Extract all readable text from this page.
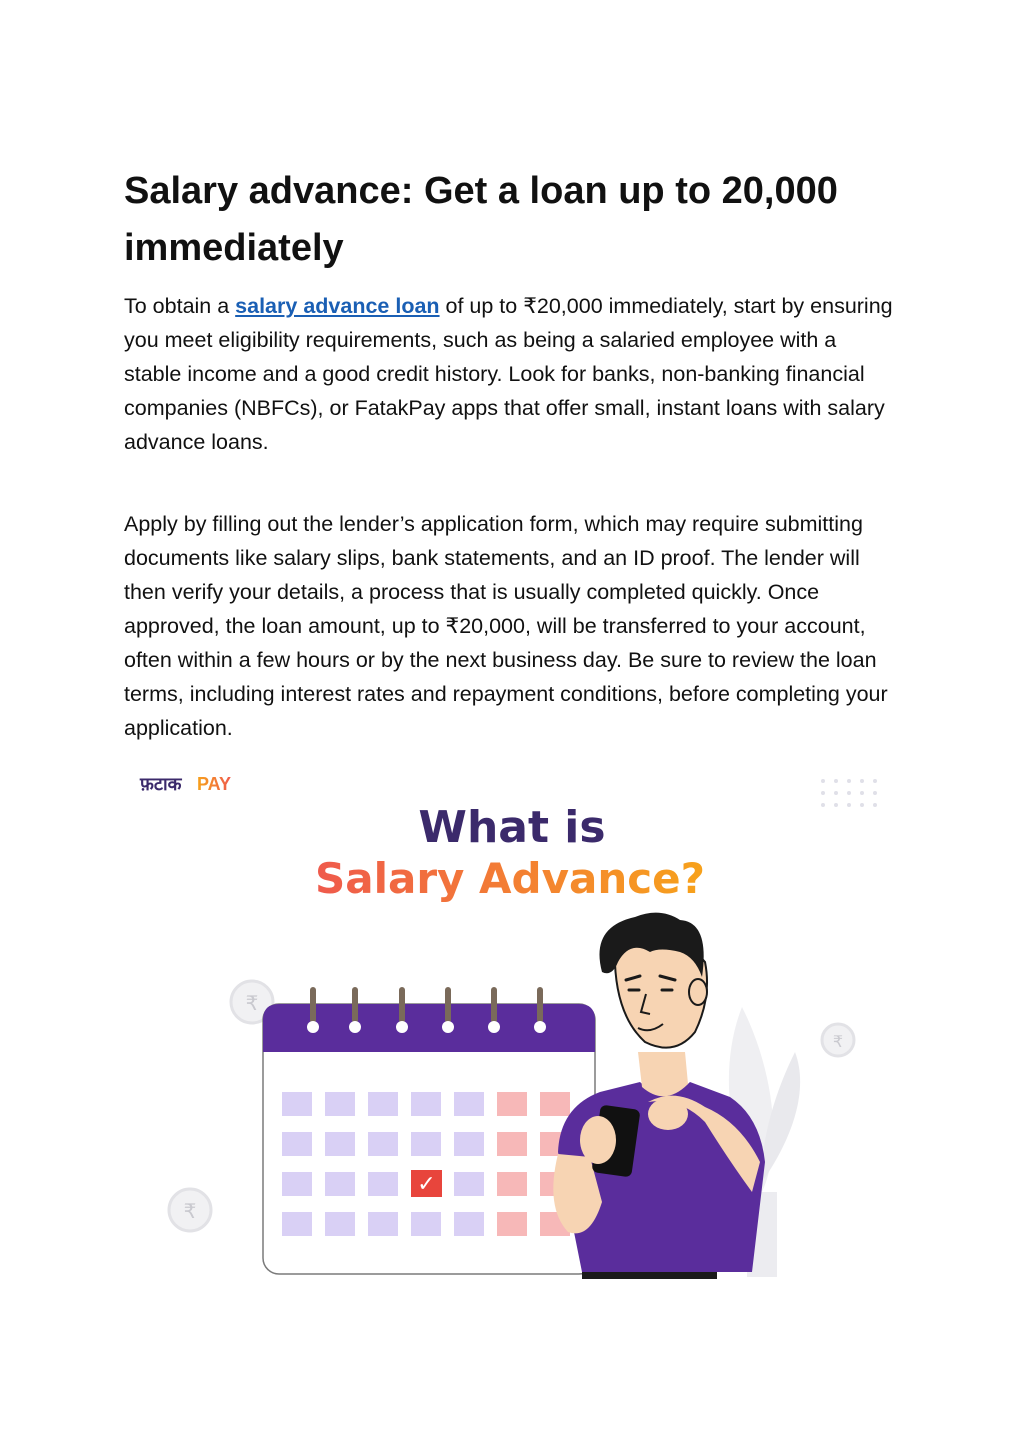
Salary advance: Get a loan up to 20,000 immediately

To obtain a salary advance loan of up to ₹20,000 immediately, start by ensuring you meet eligibility requirements, such as being a salaried employee with a stable income and a good credit history. Look for banks, non-banking financial companies (NBFCs), or FatakPay apps that offer small, instant loans with salary advance loans.

Apply by filling out the lender’s application form, which may require submitting documents like salary slips, bank statements, and an ID proof. The lender will then verify your details, a process that is usually completed quickly. Once approved, the loan amount, up to ₹20,000, will be transferred to your account, often within a few hours or by the next business day. Be sure to review the loan terms, including interest rates and repayment conditions, before completing your application.

फ़टाक PAY
What is
Salary Advance?
₹
₹
₹
✓
